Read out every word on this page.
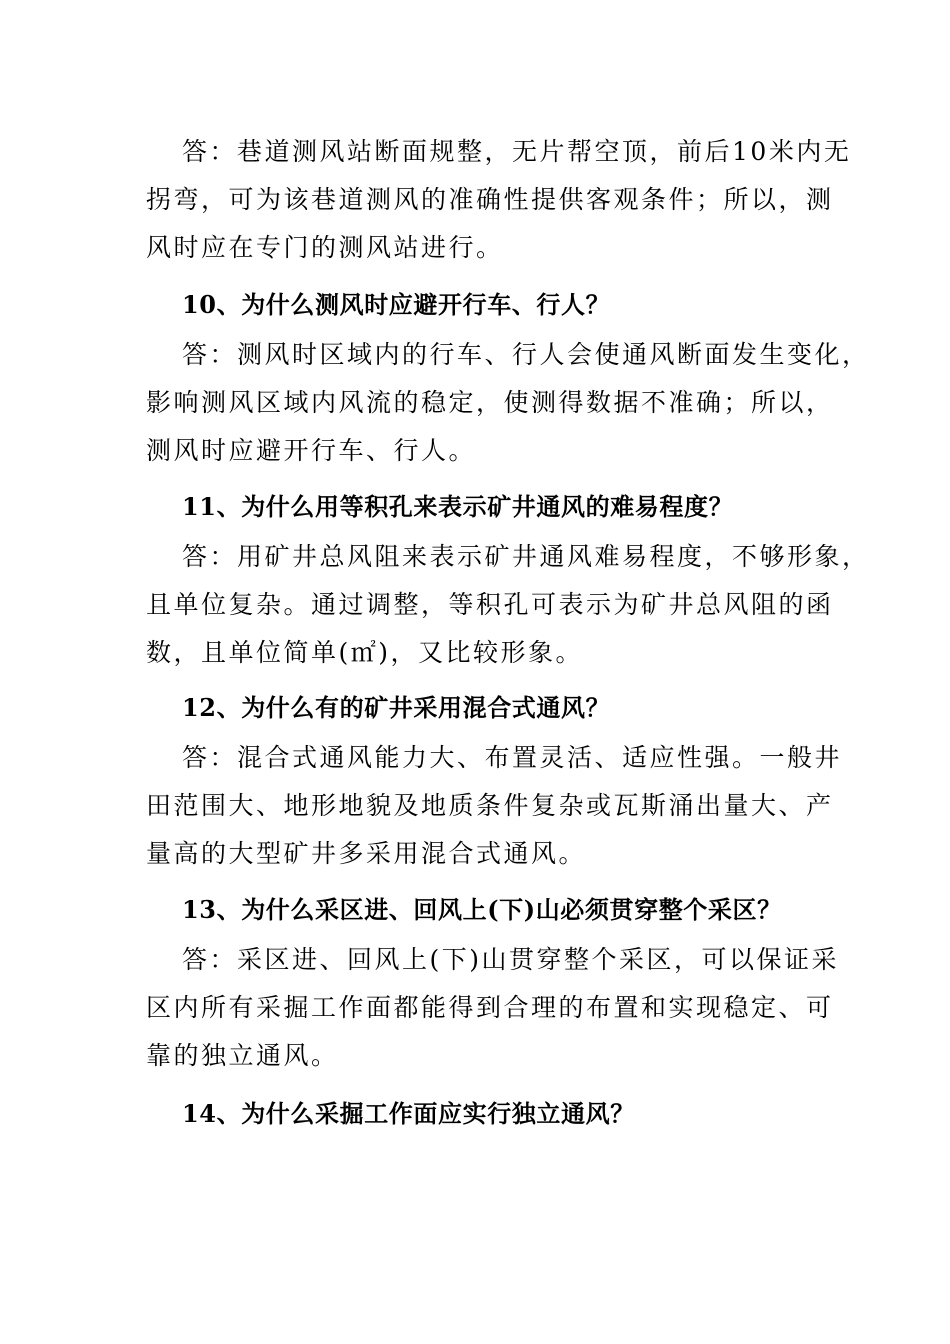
答：巷道测风站断面规整，无片帮空顶，前后10米内无
拐弯，可为该巷道测风的准确性提供客观条件；所以，测
风时应在专门的测风站进行。
10、为什么测风时应避开行车、行人？
答：测风时区域内的行车、行人会使通风断面发生变化，
影响测风区域内风流的稳定，使测得数据不准确；所以，
测风时应避开行车、行人。
11、为什么用等积孔来表示矿井通风的难易程度？
答：用矿井总风阻来表示矿井通风难易程度，不够形象，
且单位复杂。通过调整，等积孔可表示为矿井总风阻的函
数，且单位简单(㎡)，又比较形象。
12、为什么有的矿井采用混合式通风？
答：混合式通风能力大、布置灵活、适应性强。一般井
田范围大、地形地貌及地质条件复杂或瓦斯涌出量大、产
量高的大型矿井多采用混合式通风。
13、为什么采区进、回风上(下)山必须贯穿整个采区？
答：采区进、回风上(下)山贯穿整个采区，可以保证采
区内所有采掘工作面都能得到合理的布置和实现稳定、可
靠的独立通风。
14、为什么采掘工作面应实行独立通风？
